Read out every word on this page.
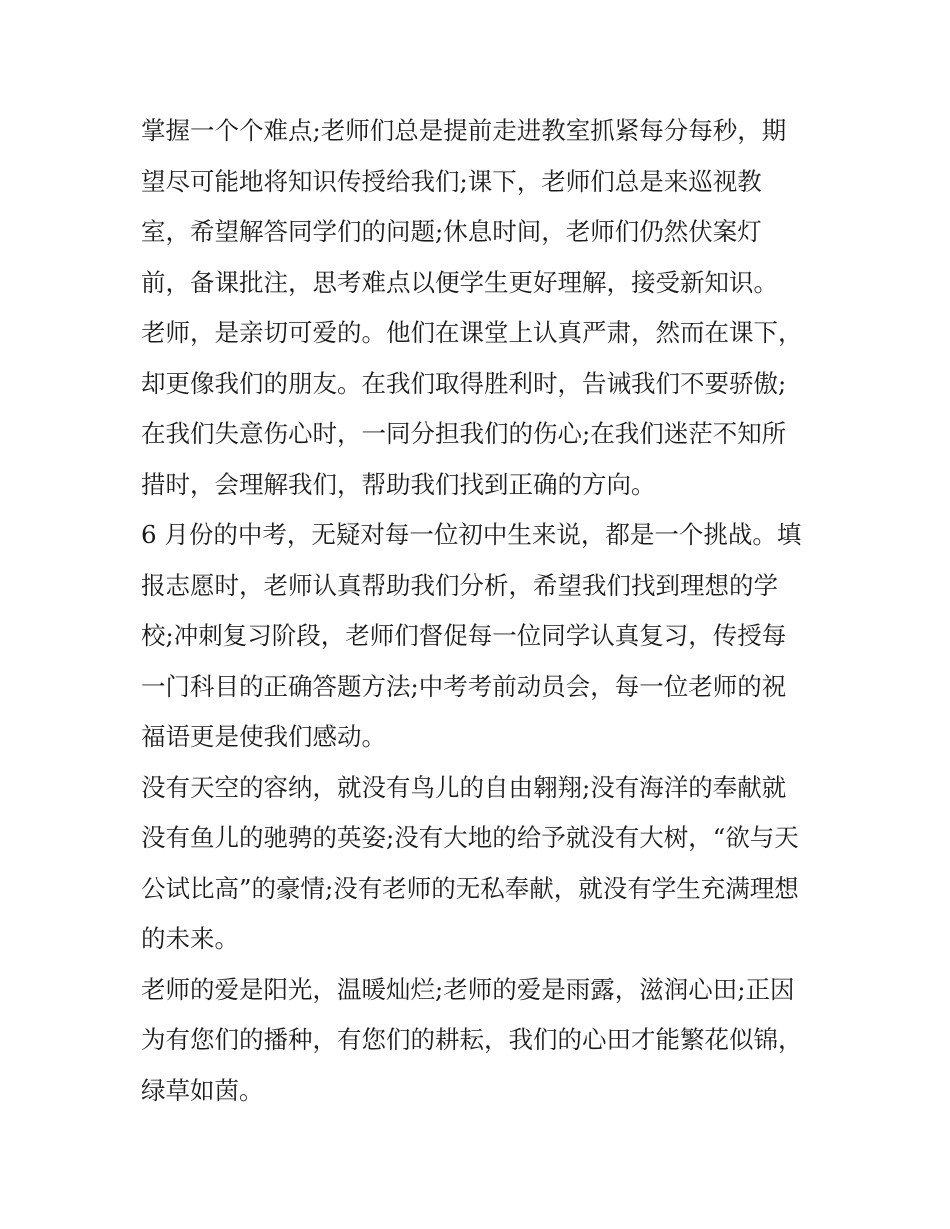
掌握一个个难点;老师们总是提前走进教室抓紧每分每秒，期
望尽可能地将知识传授给我们;课下，老师们总是来巡视教
室，希望解答同学们的问题;休息时间，老师们仍然伏案灯
前，备课批注，思考难点以便学生更好理解，接受新知识。
老师，是亲切可爱的。他们在课堂上认真严肃，然而在课下，
却更像我们的朋友。在我们取得胜利时，告诫我们不要骄傲;
在我们失意伤心时，一同分担我们的伤心;在我们迷茫不知所
措时，会理解我们，帮助我们找到正确的方向。
6 月份的中考，无疑对每一位初中生来说，都是一个挑战。填
报志愿时，老师认真帮助我们分析，希望我们找到理想的学
校;冲刺复习阶段，老师们督促每一位同学认真复习，传授每
一门科目的正确答题方法;中考考前动员会，每一位老师的祝
福语更是使我们感动。
没有天空的容纳，就没有鸟儿的自由翱翔;没有海洋的奉献就
没有鱼儿的驰骋的英姿;没有大地的给予就没有大树，“欲与天
公试比高”的豪情;没有老师的无私奉献，就没有学生充满理想
的未来。
老师的爱是阳光，温暖灿烂;老师的爱是雨露，滋润心田;正因
为有您们的播种，有您们的耕耘，我们的心田才能繁花似锦，
绿草如茵。
